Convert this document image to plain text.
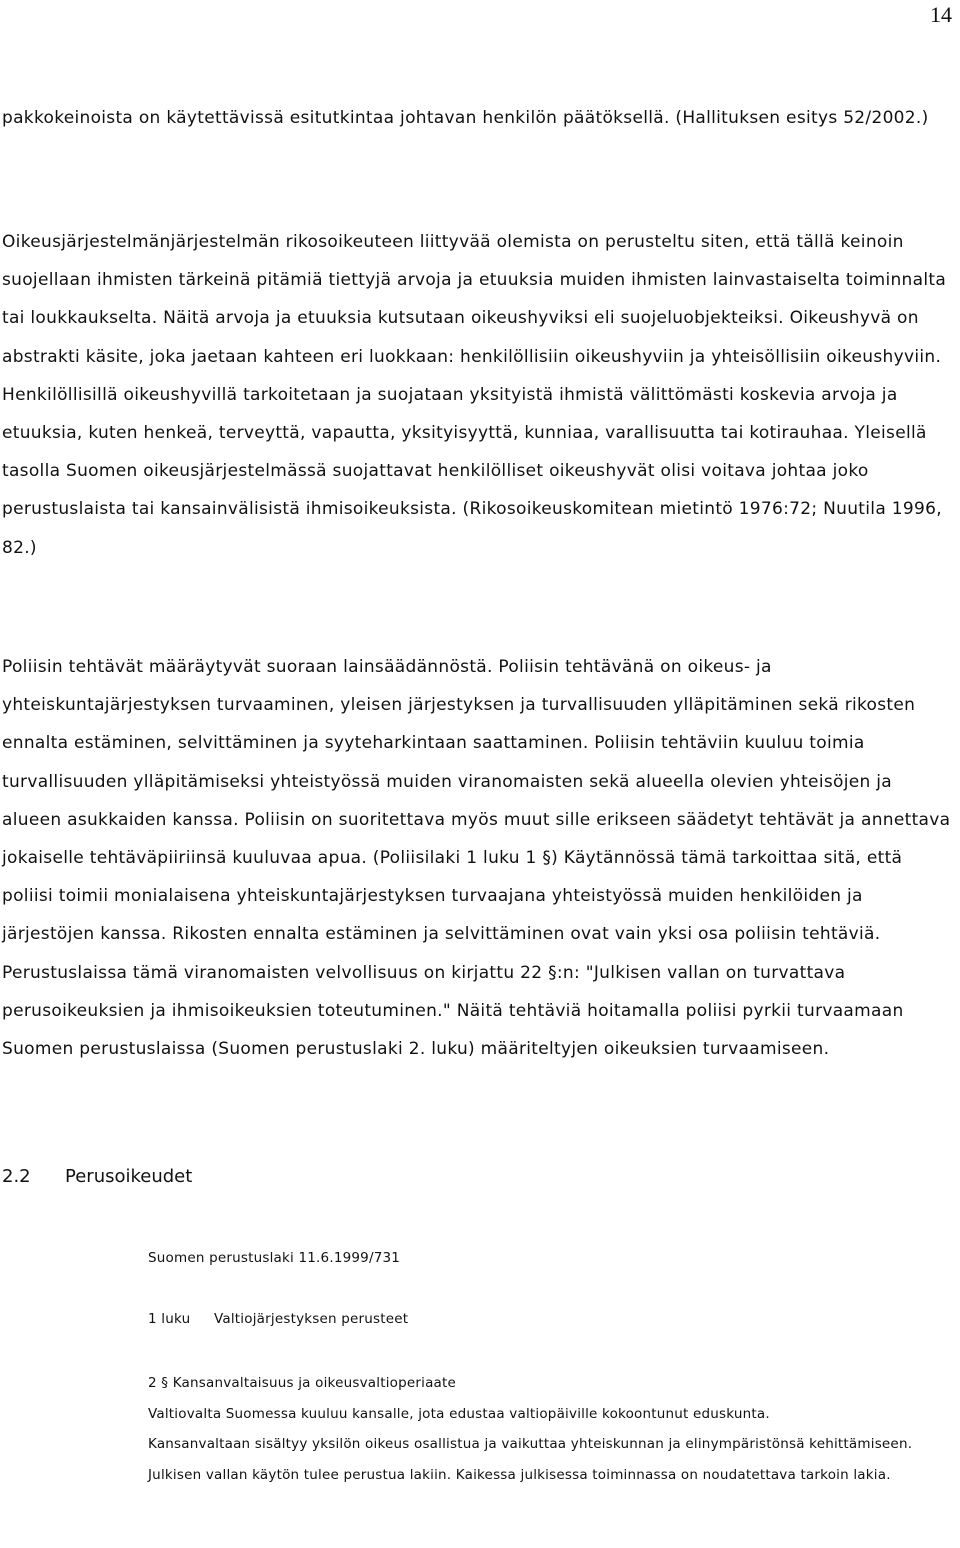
14
pakkokeinoista on käytettävissä esitutkintaa johtavan henkilön päätöksellä. (Hallituksen esitys 52/2002.)
Oikeusjärjestelmänjärjestelmän rikosoikeuteen liittyvää olemista on perusteltu siten, että tällä keinoin suojellaan ihmisten tärkeinä pitämiä tiettyjä arvoja ja etuuksia muiden ihmisten lainvastaiselta toiminnalta tai loukkaukselta. Näitä arvoja ja etuuksia kutsutaan oikeushyviksi eli suojeluobjekteiksi. Oikeushyvä on abstrakti käsite, joka jaetaan kahteen eri luokkaan: henkilöllisiin oikeushyviin ja yhteisöllisiin oikeushyviin. Henkilöllisillä oikeushyvillä tarkoitetaan ja suojataan yksityistä ihmistä välittömästi koskevia arvoja ja etuuksia, kuten henkeä, terveyttä, vapautta, yksityisyyttä, kunniaa, varallisuutta tai kotirauhaa. Yleisellä tasolla Suomen oikeusjärjestelmässä suojattavat henkilölliset oikeushyvät olisi voitava johtaa joko perustuslaista tai kansainvälisistä ihmisoikeuksista. (Rikosoikeuskomitean mietintö 1976:72; Nuutila 1996, 82.)
Poliisin tehtävät määräytyvät suoraan lainsäädännöstä. Poliisin tehtävänä on oikeus- ja yhteiskuntajärjestyksen turvaaminen, yleisen järjestyksen ja turvallisuuden ylläpitäminen sekä rikosten ennalta estäminen, selvittäminen ja syyteharkintaan saattaminen. Poliisin tehtäviin kuuluu toimia turvallisuuden ylläpitämiseksi yhteistyössä muiden viranomaisten sekä alueella olevien yhteisöjen ja alueen asukkaiden kanssa. Poliisin on suoritettava myös muut sille erikseen säädetyt tehtävät ja annettava jokaiselle tehtäväpiiriinsä kuuluvaa apua. (Poliisilaki 1 luku 1 §) Käytännössä tämä tarkoittaa sitä, että poliisi toimii monialaisena yhteiskuntajärjestyksen turvaajana yhteistyössä muiden henkilöiden ja järjestöjen kanssa. Rikosten ennalta estäminen ja selvittäminen ovat vain yksi osa poliisin tehtäviä. Perustuslaissa tämä viranomaisten velvollisuus on kirjattu 22 §:n: "Julkisen vallan on turvattava perusoikeuksien ja ihmisoikeuksien toteutuminen." Näitä tehtäviä hoitamalla poliisi pyrkii turvaamaan Suomen perustuslaissa (Suomen perustuslaki 2. luku) määriteltyjen oikeuksien turvaamiseen.
2.2 Perusoikeudet
Suomen perustuslaki 11.6.1999/731
1 luku Valtiojärjestyksen perusteet
2 § Kansanvaltaisuus ja oikeusvaltioperiaate
Valtiovalta Suomessa kuuluu kansalle, jota edustaa valtiopäiville kokoontunut eduskunta.
Kansanvaltaan sisältyy yksilön oikeus osallistua ja vaikuttaa yhteiskunnan ja elinympäristönsä kehittämiseen.
Julkisen vallan käytön tulee perustua lakiin. Kaikessa julkisessa toiminnassa on noudatettava tarkoin lakia.
